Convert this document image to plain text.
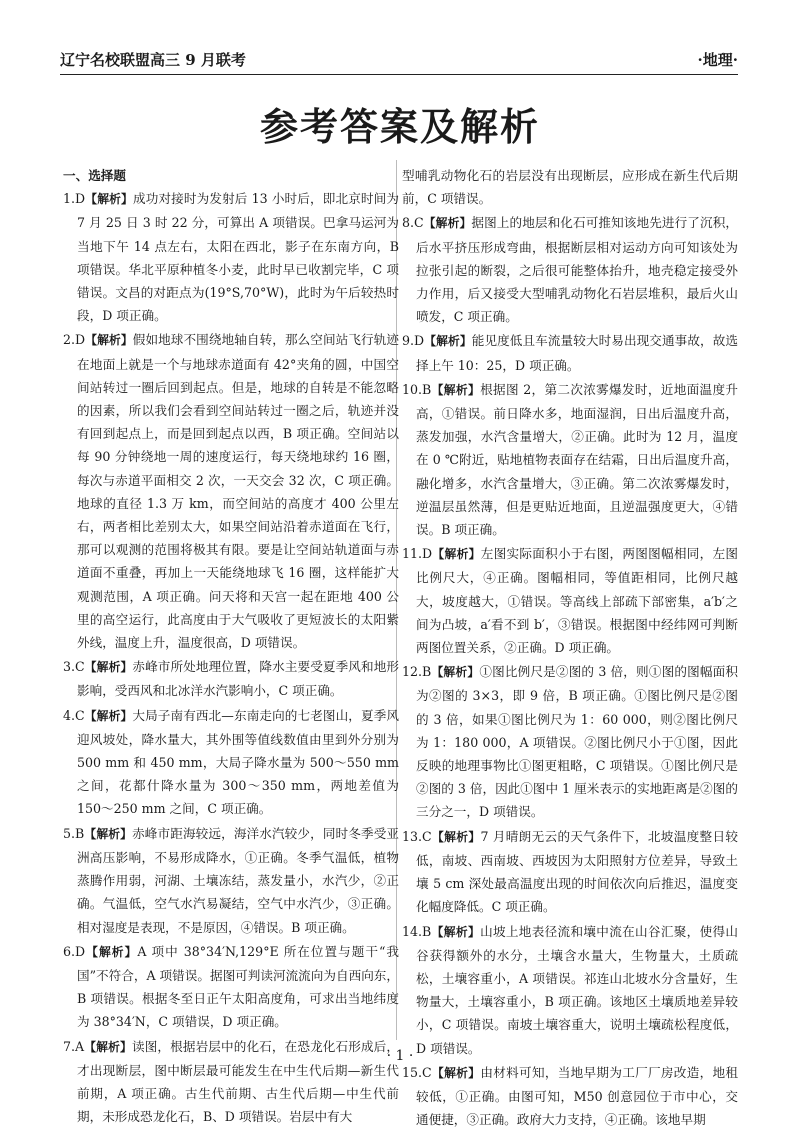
辽宁名校联盟高三 9 月联考	·地理·
参考答案及解析
一、选择题
1.D【解析】成功对接时为发射后 13 小时后，即北京时间为 7 月 25 日 3 时 22 分，可算出 A 项错误。巴拿马运河为当地下午 14 点左右，太阳在西北，影子在东南方向，B 项错误。华北平原种植冬小麦，此时早已收割完毕，C 项错误。文昌的对距点为(19°S,70°W)，此时为午后较热时段，D 项正确。
2.D【解析】假如地球不围绕地轴自转，那么空间站飞行轨迹在地面上就是一个与地球赤道面有 42°夹角的圆，中国空间站转过一圈后回到起点。但是，地球的自转是不能忽略的因素，所以我们会看到空间站转过一圈之后，轨迹并没有回到起点上，而是回到起点以西，B 项正确。空间站以每 90 分钟绕地一周的速度运行，每天绕地球约 16 圈，每次与赤道平面相交 2 次，一天交会 32 次，C 项正确。地球的直径 1.3 万 km，而空间站的高度才 400 公里左右，两者相比差别太大，如果空间站沿着赤道面在飞行，那可以观测的范围将极其有限。要是让空间站轨道面与赤道面不重叠，再加上一天能绕地球飞 16 圈，这样能扩大观测范围，A 项正确。问天将和天宫一起在距地 400 公里的高空运行，此高度由于大气吸收了更短波长的太阳紫外线，温度上升，温度很高，D 项错误。
3.C【解析】赤峰市所处地理位置，降水主要受夏季风和地形影响，受西风和北冰洋水汽影响小，C 项正确。
4.C【解析】大局子南有西北—东南走向的七老图山，夏季风迎风坡处，降水量大，其外围等值线数值由里到外分别为 500 mm 和 450 mm，大局子降水量为 500～550 mm 之间，花都什降水量为 300～350 mm，两地差值为 150～250 mm 之间，C 项正确。
5.B【解析】赤峰市距海较远，海洋水汽较少，同时冬季受亚洲高压影响，不易形成降水，①正确。冬季气温低，植物蒸腾作用弱，河湖、土壤冻结，蒸发量小，水汽少，②正确。气温低，空气水汽易凝结，空气中水汽少，③正确。相对湿度是表现，不是原因，④错误。B 项正确。
6.D【解析】A 项中 38°34′N,129°E 所在位置与题干“我国”不符合，A 项错误。据图可判读河流流向为自西向东，B 项错误。根据冬至日正午太阳高度角，可求出当地纬度为 38°34′N，C 项错误，D 项正确。
7.A【解析】读图，根据岩层中的化石，在恐龙化石形成后，才出现断层，图中断层最可能发生在中生代后期—新生代前期，A 项正确。古生代前期、古生代后期—中生代前期，未形成恐龙化石，B、D 项错误。岩层中有大
型哺乳动物化石的岩层没有出现断层，应形成在新生代后期前，C 项错误。
8.C【解析】据图上的地层和化石可推知该地先进行了沉积，后水平挤压形成弯曲，根据断层相对运动方向可知该处为拉张引起的断裂，之后很可能整体抬升，地壳稳定接受外力作用，后又接受大型哺乳动物化石岩层堆积，最后火山喷发，C 项正确。
9.D【解析】能见度低且车流量较大时易出现交通事故，故选择上午 10：25，D 项正确。
10.B【解析】根据图 2，第二次浓雾爆发时，近地面温度升高，①错误。前日降水多，地面湿润，日出后温度升高，蒸发加强，水汽含量增大，②正确。此时为 12 月，温度在 0 ℃附近，贴地植物表面存在结霜，日出后温度升高，融化增多，水汽含量增大，③正确。第二次浓雾爆发时，逆温层虽然薄，但是更贴近地面，且逆温强度更大，④错误。B 项正确。
11.D【解析】左图实际面积小于右图，两图图幅相同，左图比例尺大，④正确。图幅相同，等值距相同，比例尺越大，坡度越大，①错误。等高线上部疏下部密集，a′b′之间为凸坡，a′看不到 b′，③错误。根据图中经纬网可判断两图位置关系，②正确。D 项正确。
12.B【解析】①图比例尺是②图的 3 倍，则①图的图幅面积为②图的 3×3，即 9 倍，B 项正确。①图比例尺是②图的 3 倍，如果①图比例尺为 1：60 000，则②图比例尺为 1：180 000，A 项错误。②图比例尺小于①图，因此反映的地理事物比①图更粗略，C 项错误。①图比例尺是②图的 3 倍，因此①图中 1 厘米表示的实地距离是②图的三分之一，D 项错误。
13.C【解析】7 月晴朗无云的天气条件下，北坡温度整日较低，南坡、西南坡、西坡因为太阳照射方位差异，导致土壤 5 cm 深处最高温度出现的时间依次向后推迟，温度变化幅度降低。C 项正确。
14.B【解析】山坡上地表径流和壤中流在山谷汇聚，使得山谷获得额外的水分，土壤含水量大，生物量大，土质疏松，土壤容重小，A 项错误。祁连山北坡水分含量好，生物量大，土壤容重小，B 项正确。该地区土壤质地差异较小，C 项错误。南坡土壤容重大，说明土壤疏松程度低，D 项错误。
15.C【解析】由材料可知，当地早期为工厂厂房改造，地租较低，①正确。由图可知，M50 创意园位于市中心，交通便捷，③正确。政府大力支持，④正确。该地早期
· 1 ·
